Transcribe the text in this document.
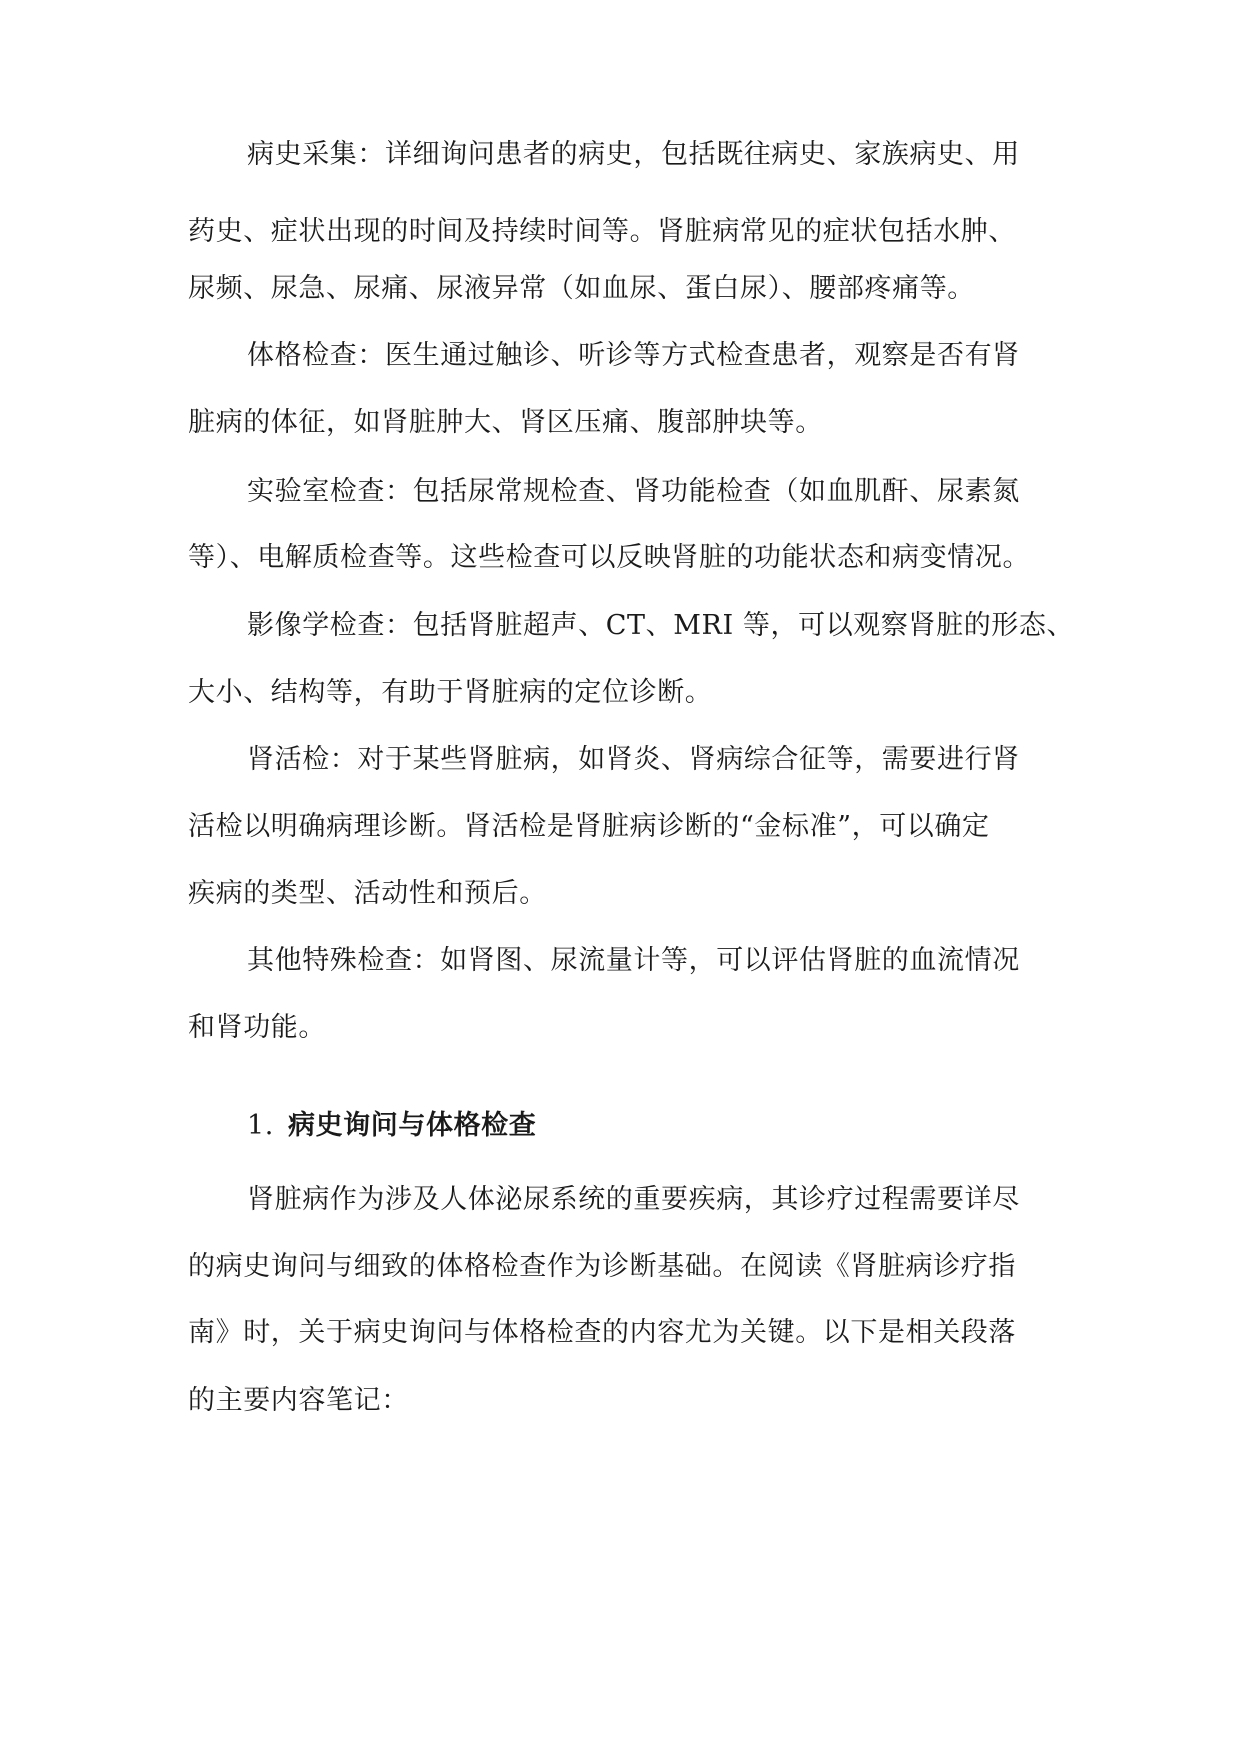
病史采集：详细询问患者的病史，包括既往病史、家族病史、用
药史、症状出现的时间及持续时间等。肾脏病常见的症状包括水肿、
尿频、尿急、尿痛、尿液异常（如血尿、蛋白尿）、腰部疼痛等。
体格检查：医生通过触诊、听诊等方式检查患者，观察是否有肾
脏病的体征，如肾脏肿大、肾区压痛、腹部肿块等。
实验室检查：包括尿常规检查、肾功能检查（如血肌酐、尿素氮
等）、电解质检查等。这些检查可以反映肾脏的功能状态和病变情况。
影像学检查：包括肾脏超声、CT、MRI 等，可以观察肾脏的形态、
大小、结构等，有助于肾脏病的定位诊断。
肾活检：对于某些肾脏病，如肾炎、肾病综合征等，需要进行肾
活检以明确病理诊断。肾活检是肾脏病诊断的“金标准”，可以确定
疾病的类型、活动性和预后。
其他特殊检查：如肾图、尿流量计等，可以评估肾脏的血流情况
和肾功能。
1. 病史询问与体格检查
肾脏病作为涉及人体泌尿系统的重要疾病，其诊疗过程需要详尽
的病史询问与细致的体格检查作为诊断基础。在阅读《肾脏病诊疗指
南》时，关于病史询问与体格检查的内容尤为关键。以下是相关段落
的主要内容笔记：
